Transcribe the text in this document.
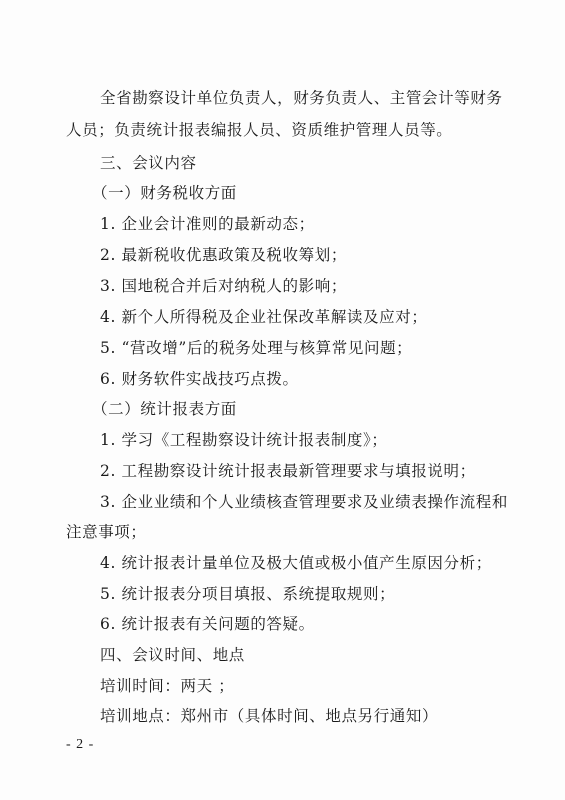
全省勘察设计单位负责人，财务负责人、主管会计等财务
人员；负责统计报表编报人员、资质维护管理人员等。
三、会议内容
（一）财务税收方面
1. 企业会计准则的最新动态；
2. 最新税收优惠政策及税收筹划；
3. 国地税合并后对纳税人的影响；
4. 新个人所得税及企业社保改革解读及应对；
5. “营改增”后的税务处理与核算常见问题；
6. 财务软件实战技巧点拨。
（二）统计报表方面
1. 学习《工程勘察设计统计报表制度》；
2. 工程勘察设计统计报表最新管理要求与填报说明；
3. 企业业绩和个人业绩核查管理要求及业绩表操作流程和
注意事项；
4. 统计报表计量单位及极大值或极小值产生原因分析；
5. 统计报表分项目填报、系统提取规则；
6. 统计报表有关问题的答疑。
四、会议时间、地点
培训时间：两天 ；
培训地点：郑州市（具体时间、地点另行通知）
- 2 -
